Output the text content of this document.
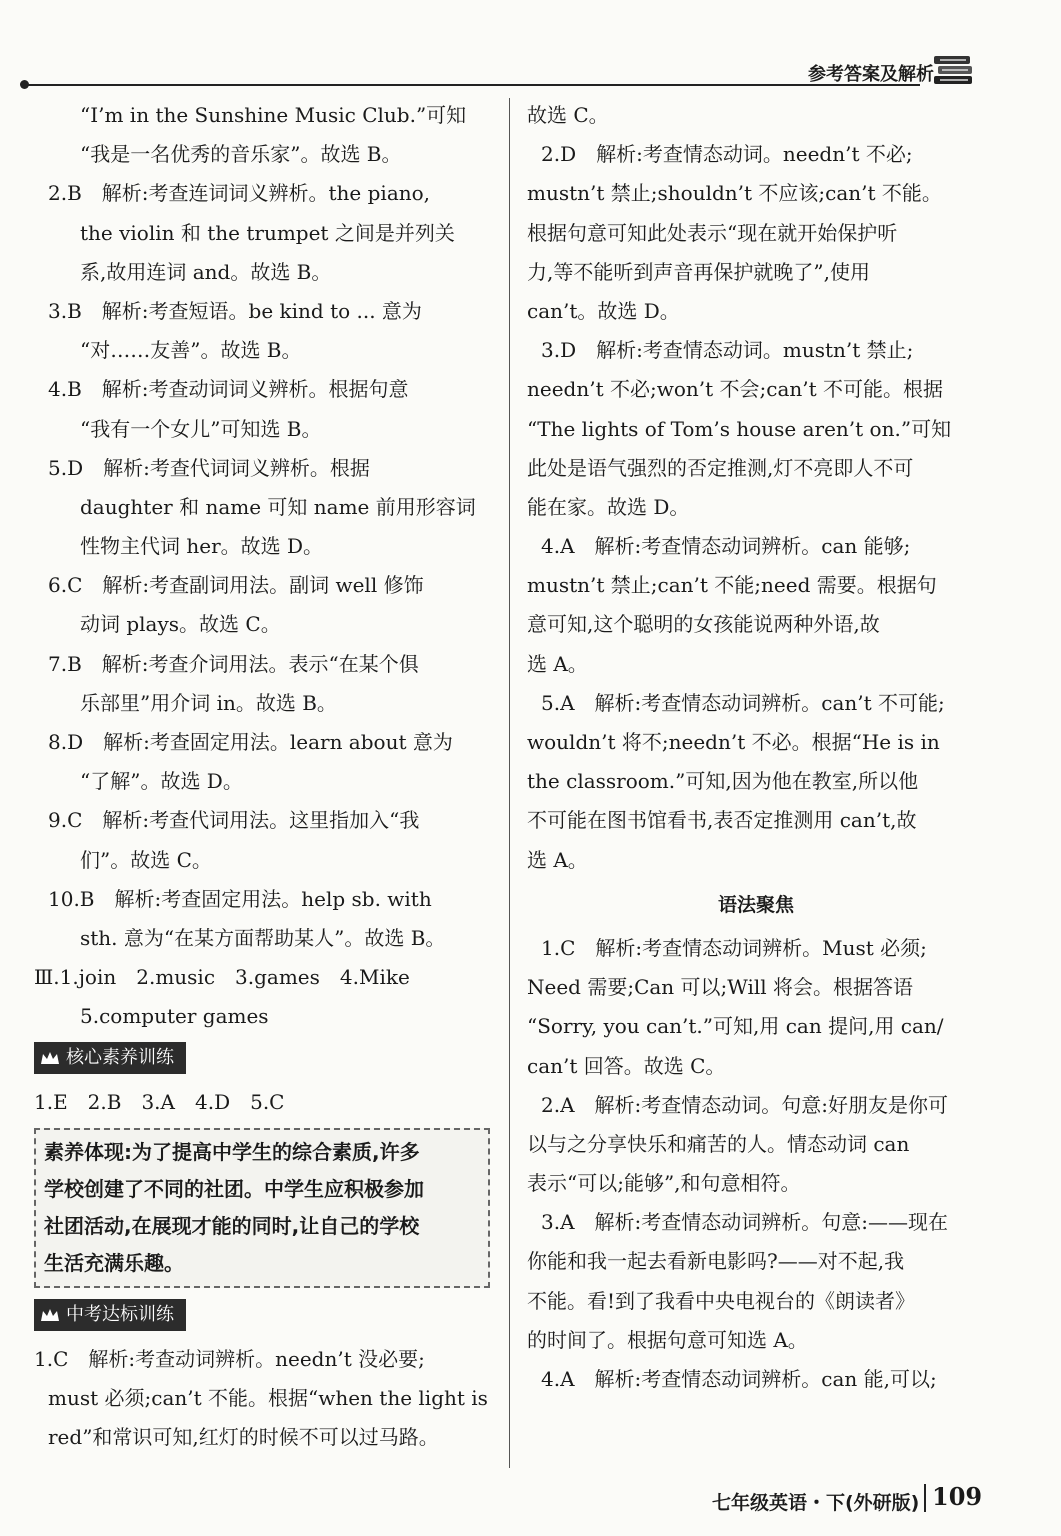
参考答案及解析
“I’m in the Sunshine Music Club.”可知
“我是一名优秀的音乐家”。故选 B。
2.B　解析:考查连词词义辨析。the piano,
the violin 和 the trumpet 之间是并列关
系,故用连词 and。故选 B。
3.B　解析:考查短语。be kind to ... 意为
“对……友善”。故选 B。
4.B　解析:考查动词词义辨析。根据句意
“我有一个女儿”可知选 B。
5.D　解析:考查代词词义辨析。根据
daughter 和 name 可知 name 前用形容词
性物主代词 her。故选 D。
6.C　解析:考查副词用法。副词 well 修饰
动词 plays。故选 C。
7.B　解析:考查介词用法。表示“在某个俱
乐部里”用介词 in。故选 B。
8.D　解析:考查固定用法。learn about 意为
“了解”。故选 D。
9.C　解析:考查代词用法。这里指加入“我
们”。故选 C。
10.B　解析:考查固定用法。help sb. with
sth. 意为“在某方面帮助某人”。故选 B。
Ⅲ.1.join　2.music　3.games　4.Mike
5.computer games
核心素养训练
1.E　2.B　3.A　4.D　5.C
素养体现:为了提高中学生的综合素质,许多
学校创建了不同的社团。中学生应积极参加
社团活动,在展现才能的同时,让自己的学校
生活充满乐趣。
中考达标训练
1.C　解析:考查动词辨析。needn’t 没必要;
must 必须;can’t 不能。根据“when the light is
red”和常识可知,红灯的时候不可以过马路。
故选 C。
2.D　解析:考查情态动词。needn’t 不必;
mustn’t 禁止;shouldn’t 不应该;can’t 不能。
根据句意可知此处表示“现在就开始保护听
力,等不能听到声音再保护就晚了”,使用
can’t。故选 D。
3.D　解析:考查情态动词。mustn’t 禁止;
needn’t 不必;won’t 不会;can’t 不可能。根据
“The lights of Tom’s house aren’t on.”可知
此处是语气强烈的否定推测,灯不亮即人不可
能在家。故选 D。
4.A　解析:考查情态动词辨析。can 能够;
mustn’t 禁止;can’t 不能;need 需要。根据句
意可知,这个聪明的女孩能说两种外语,故
选 A。
5.A　解析:考查情态动词辨析。can’t 不可能;
wouldn’t 将不;needn’t 不必。根据“He is in
the classroom.”可知,因为他在教室,所以他
不可能在图书馆看书,表否定推测用 can’t,故
选 A。
语法聚焦
1.C　解析:考查情态动词辨析。Must 必须;
Need 需要;Can 可以;Will 将会。根据答语
“Sorry, you can’t.”可知,用 can 提问,用 can/
can’t 回答。故选 C。
2.A　解析:考查情态动词。句意:好朋友是你可
以与之分享快乐和痛苦的人。情态动词 can
表示“可以;能够”,和句意相符。
3.A　解析:考查情态动词辨析。句意:——现在
你能和我一起去看新电影吗?——对不起,我
不能。看!到了我看中央电视台的《朗读者》
的时间了。根据句意可知选 A。
4.A　解析:考查情态动词辨析。can 能,可以;
七年级英语・下(外研版) 109
